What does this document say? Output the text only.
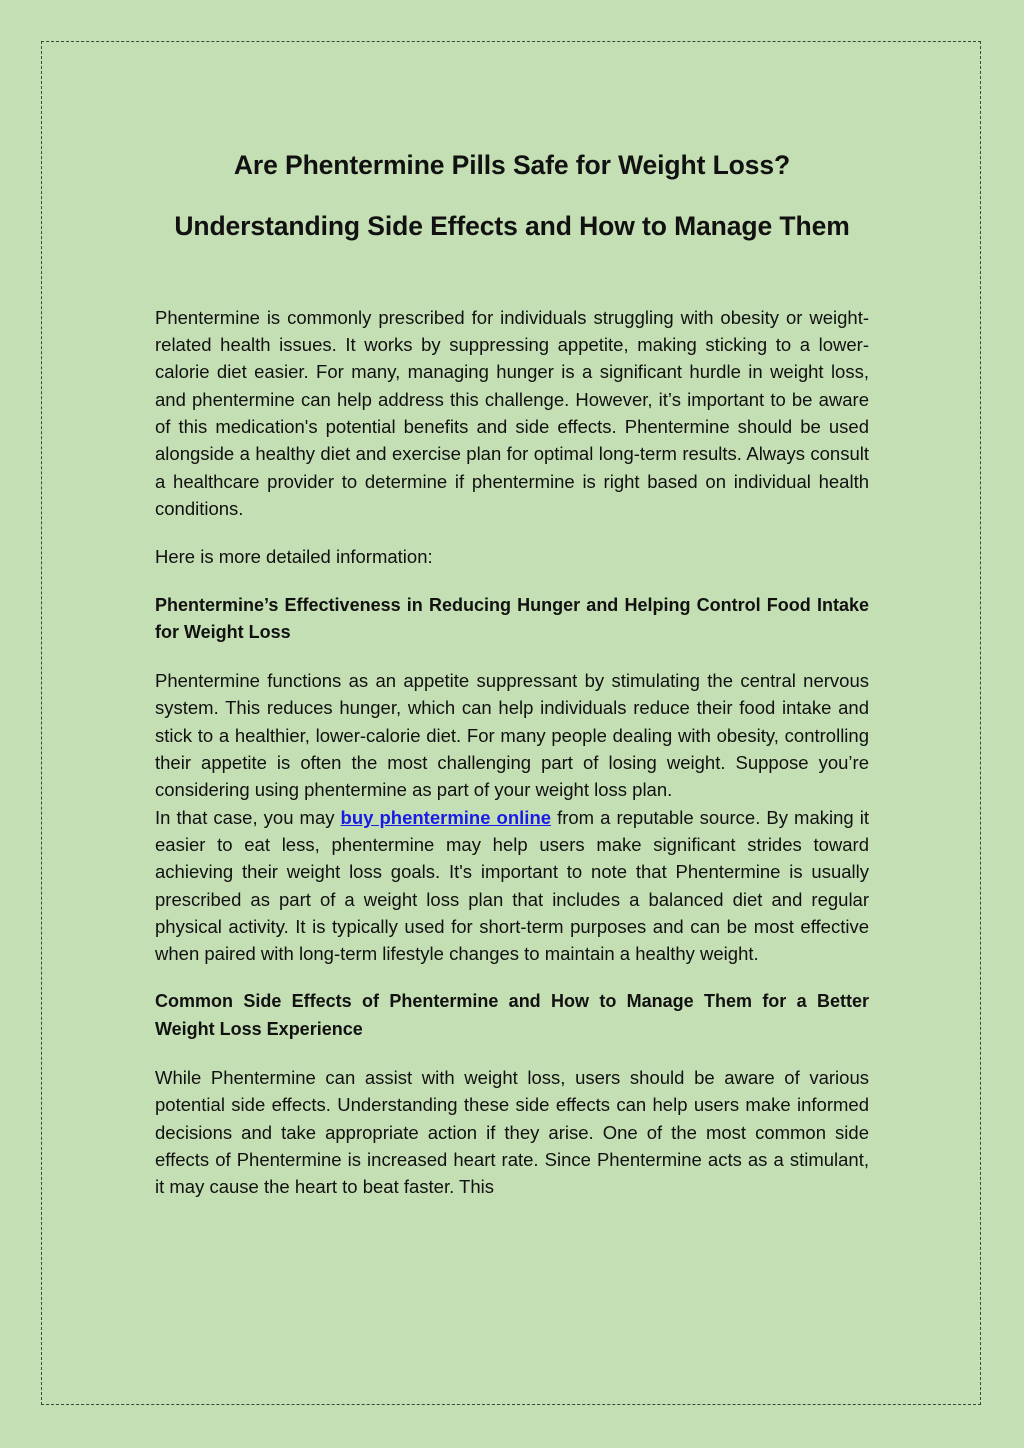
Are Phentermine Pills Safe for Weight Loss?
Understanding Side Effects and How to Manage Them

Phentermine is commonly prescribed for individuals struggling with obesity or weight-related health issues. It works by suppressing appetite, making sticking to a lower-calorie diet easier. For many, managing hunger is a significant hurdle in weight loss, and phentermine can help address this challenge. However, it’s important to be aware of this medication's potential benefits and side effects. Phentermine should be used alongside a healthy diet and exercise plan for optimal long-term results. Always consult a healthcare provider to determine if phentermine is right based on individual health conditions.

Here is more detailed information:

Phentermine’s Effectiveness in Reducing Hunger and Helping Control Food Intake for Weight Loss

Phentermine functions as an appetite suppressant by stimulating the central nervous system. This reduces hunger, which can help individuals reduce their food intake and stick to a healthier, lower-calorie diet. For many people dealing with obesity, controlling their appetite is often the most challenging part of losing weight. Suppose you’re considering using phentermine as part of your weight loss plan.

In that case, you may buy phentermine online from a reputable source. By making it easier to eat less, phentermine may help users make significant strides toward achieving their weight loss goals. It's important to note that Phentermine is usually prescribed as part of a weight loss plan that includes a balanced diet and regular physical activity. It is typically used for short-term purposes and can be most effective when paired with long-term lifestyle changes to maintain a healthy weight.

Common Side Effects of Phentermine and How to Manage Them for a Better Weight Loss Experience

While Phentermine can assist with weight loss, users should be aware of various potential side effects. Understanding these side effects can help users make informed decisions and take appropriate action if they arise. One of the most common side effects of Phentermine is increased heart rate. Since Phentermine acts as a stimulant, it may cause the heart to beat faster. This
